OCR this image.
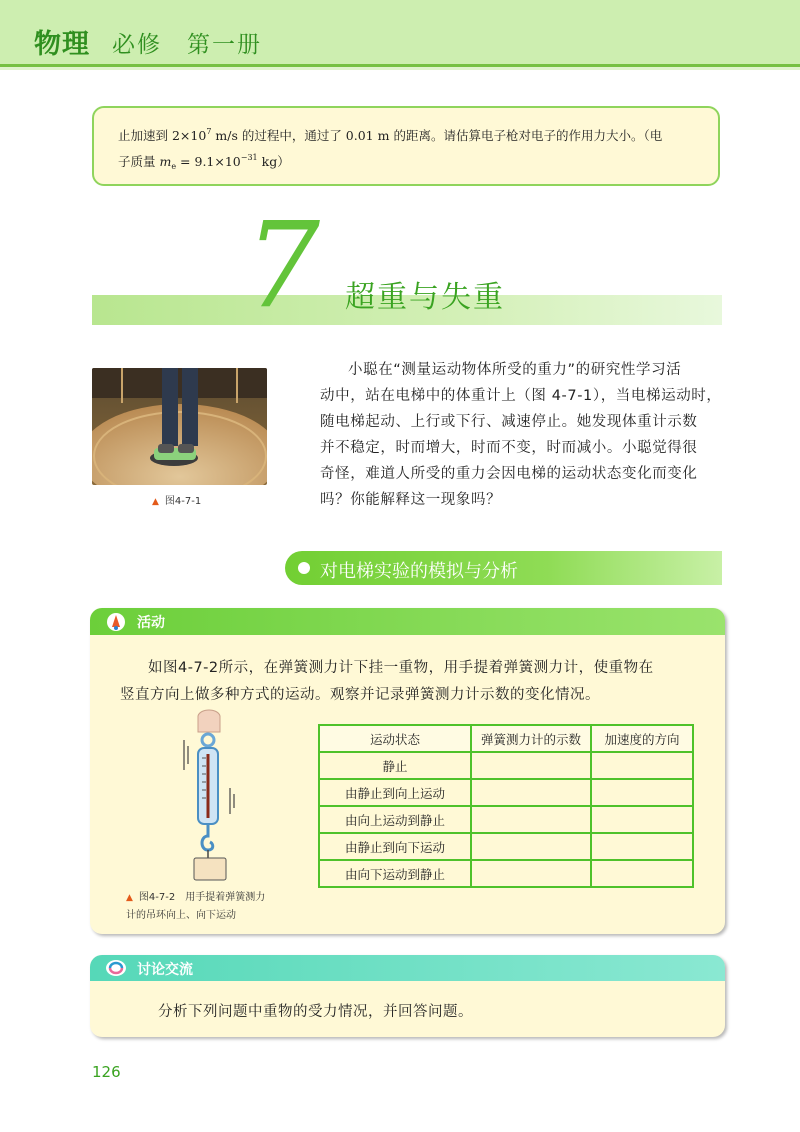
物理 必修　第一册
止加速到 $2\times 10^7$ m/s 的过程中，通过了 0.01 m 的距离。请估算电子枪对电子的作用力大小。（电
子质量 $m_e = 9.1\times 10^{-31}$ kg）
7 超重与失重
▲ 图4-7-1
小聪在“测量运动物体所受的重力”的研究性学习活
动中，站在电梯中的体重计上（图 4-7-1），当电梯运动时，
随电梯起动、上行或下行、减速停止。她发现体重计示数
并不稳定，时而增大，时而不变，时而减小。小聪觉得很
奇怪，难道人所受的重力会因电梯的运动状态变化而变化
吗？你能解释这一现象吗？
对电梯实验的模拟与分析
活动
如图4-7-2所示，在弹簧测力计下挂一重物，用手提着弹簧测力计，使重物在
竖直方向上做多种方式的运动。观察并记录弹簧测力计示数的变化情况。
▲ 图4-7-2　用手提着弹簧测力
计的吊环向上、向下运动
运动状态	弹簧测力计的示数	加速度的方向
静止		
由静止到向上运动		
由向上运动到静止		
由静止到向下运动		
由向下运动到静止		
讨论交流
分析下列问题中重物的受力情况，并回答问题。
126
